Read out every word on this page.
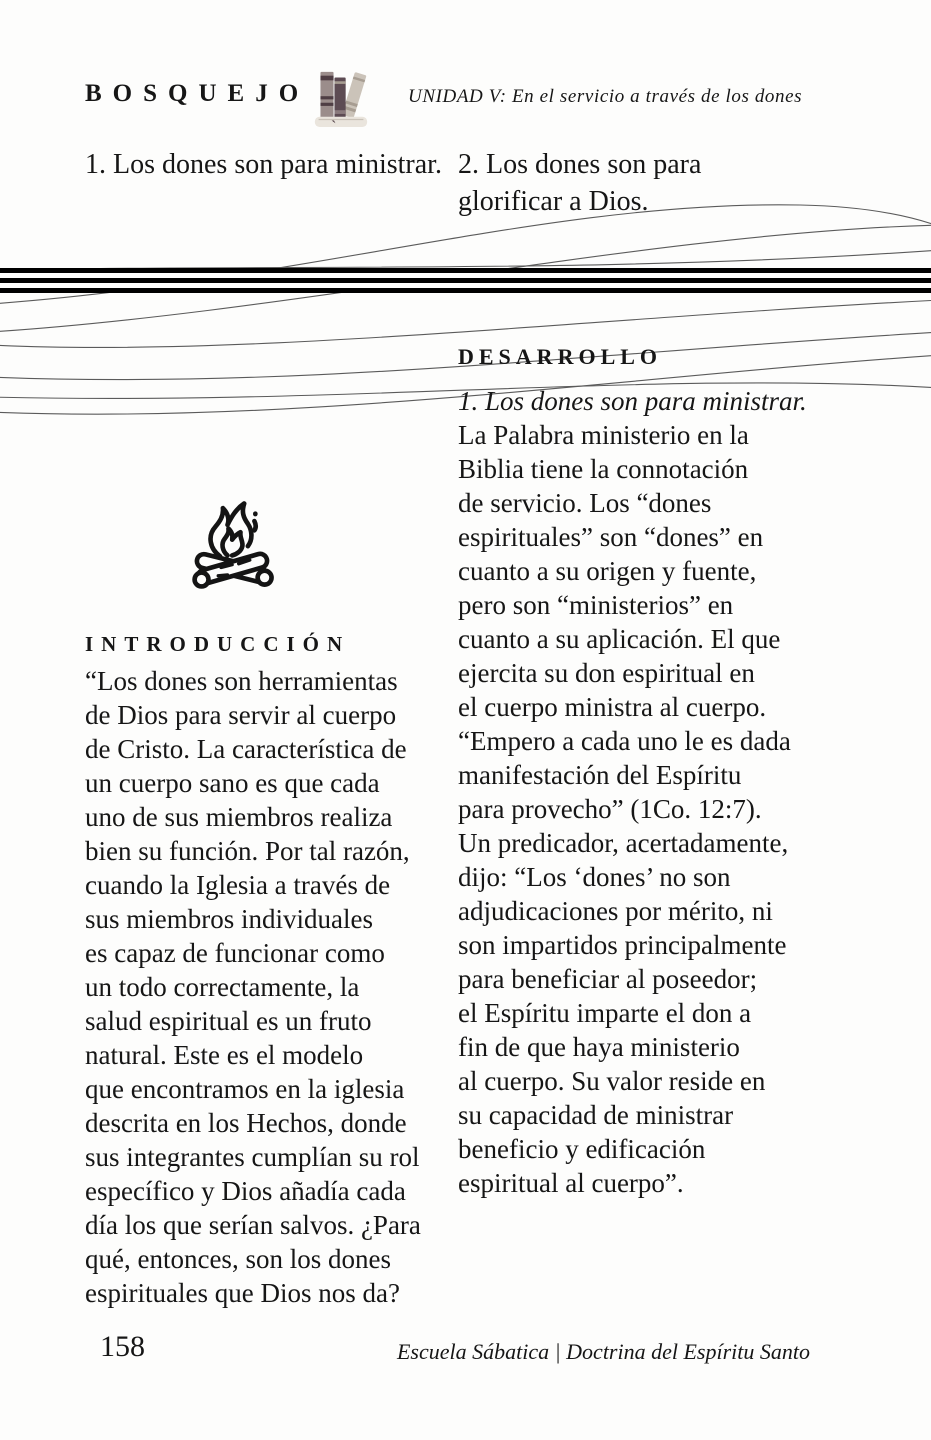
BOSQUEJO	UNIDAD V: En el servicio a través de los dones
1. Los dones son para ministrar. 2. Los dones son para
glorificar a Dios.
INTRODUCCIÓN
“Los dones son herramientas
de Dios para servir al cuerpo
de Cristo. La característica de
un cuerpo sano es que cada
uno de sus miembros realiza
bien su función. Por tal razón,
cuando la Iglesia a través de
sus miembros individuales
es capaz de funcionar como
un todo correctamente, la
salud espiritual es un fruto
natural. Este es el modelo
que encontramos en la iglesia
descrita en los Hechos, donde
sus integrantes cumplían su rol
específico y Dios añadía cada
día los que serían salvos. ¿Para
qué, entonces, son los dones
espirituales que Dios nos da?
DESARROLLO
1. Los dones son para ministrar.
La Palabra ministerio en la
Biblia tiene la connotación
de servicio. Los “dones
espirituales” son “dones” en
cuanto a su origen y fuente,
pero son “ministerios” en
cuanto a su aplicación. El que
ejercita su don espiritual en
el cuerpo ministra al cuerpo.
“Empero a cada uno le es dada
manifestación del Espíritu
para provecho” (1Co. 12:7).
Un predicador, acertadamente,
dijo: “Los ‘dones’ no son
adjudicaciones por mérito, ni
son impartidos principalmente
para beneficiar al poseedor;
el Espíritu imparte el don a
fin de que haya ministerio
al cuerpo. Su valor reside en
su capacidad de ministrar
beneficio y edificación
espiritual al cuerpo”.
158	Escuela Sábatica | Doctrina del Espíritu Santo
